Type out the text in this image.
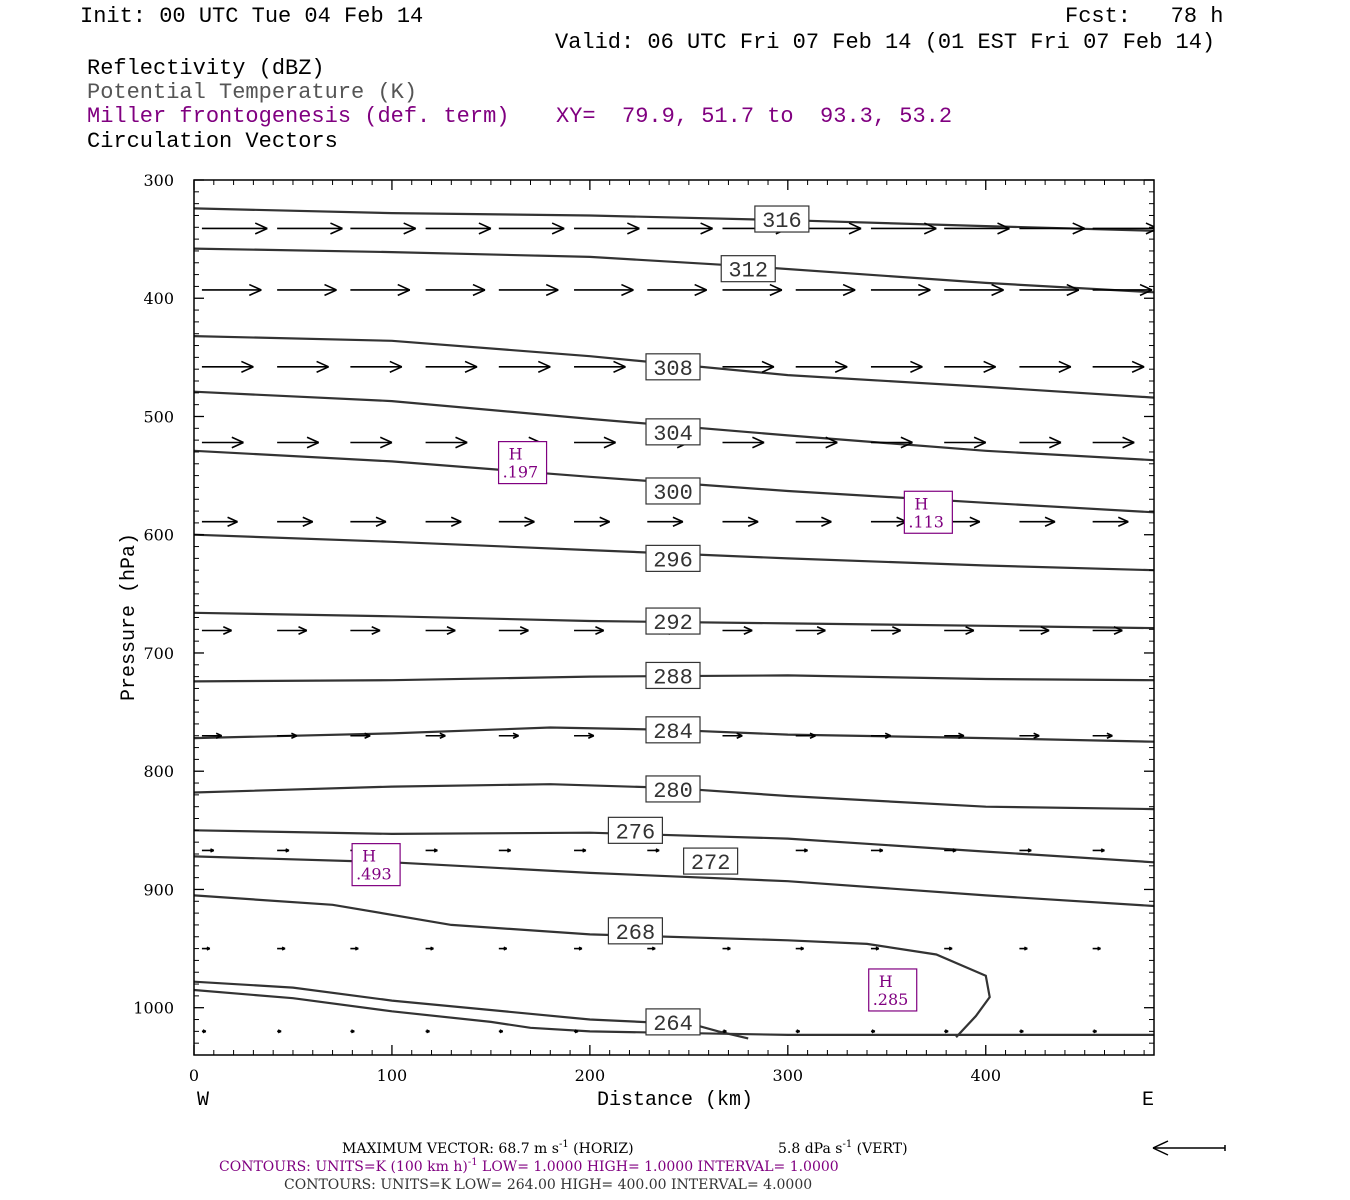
Init: 00 UTC Tue 04 Feb 14	Fcst:   78 h
Valid: 06 UTC Fri 07 Feb 14 (01 EST Fri 07 Feb 14)
Reflectivity (dBZ)
Potential Temperature (K)
Miller frontogenesis (def. term) XY=  79.9, 51.7 to  93.3, 53.2
Circulation Vectors
316
312
308
304
300
296
292
288
284
280
276
272
268
264
H
.197
H
.113
H
.493
H
.285
0	100	200	300	400
300
400
500
600
700
800
900
1000
Distance (km)
Pressure (hPa)
W	E
MAXIMUM VECTOR: 68.7 m $s^{-1}$ (HORIZ)	5.8 dPa $s^{-1}$ (VERT)
CONTOURS: UNITS=K (100 km h)$^{-1}$ LOW= 1.0000 HIGH= 1.0000 INTERVAL= 1.0000
CONTOURS: UNITS=K LOW= 264.00 HIGH= 400.00 INTERVAL= 4.0000
